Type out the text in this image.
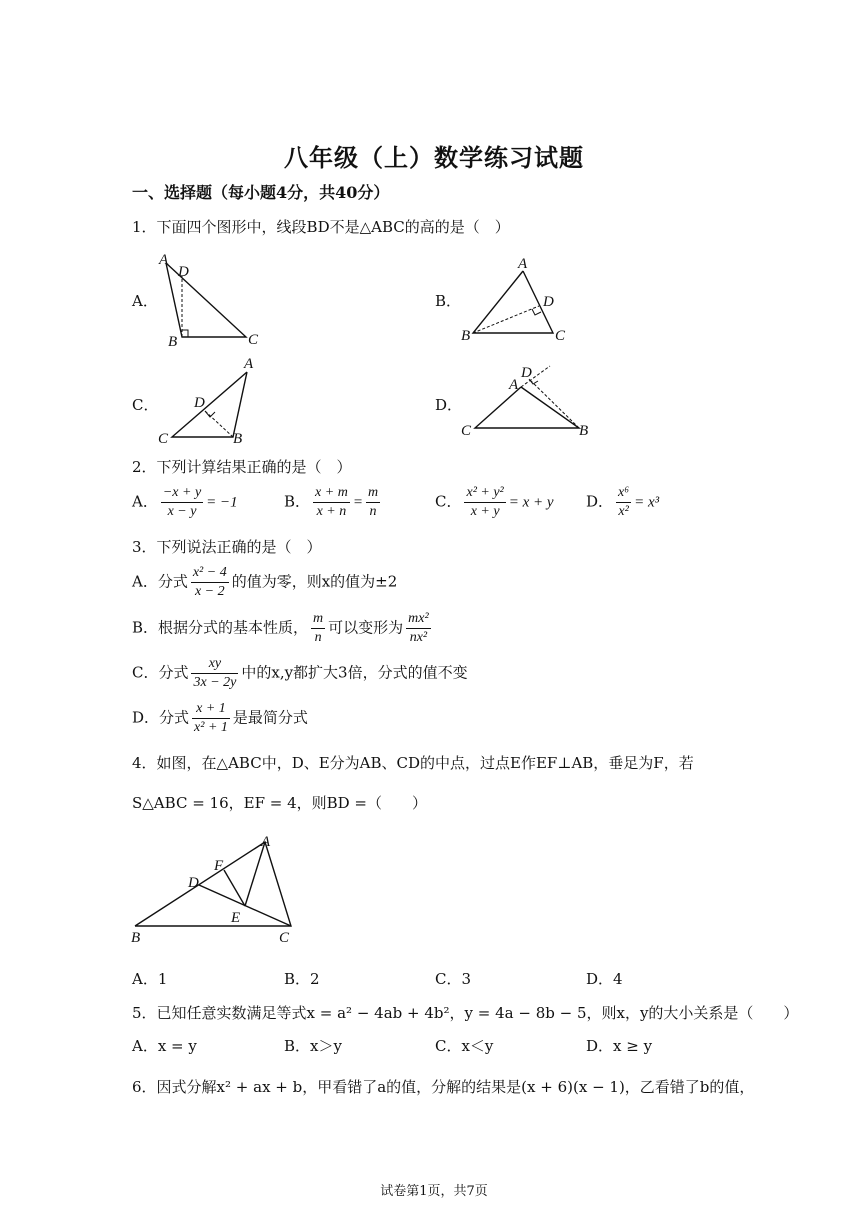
八年级（上）数学练习试题
一、选择题（每小题4分，共40分）
1．下面四个图形中，线段BD不是△ABC的高的是（　）
A．	B．
C．	D．
A
D
B	C
A
D
B	C
A
D
C	B
A
D
C	B
2．下列计算结果正确的是（　）
A． $\frac{-x + y}{x - y} = -1$	B． $\frac{x + m}{x + n} = \frac{m}{n}$	C． $\frac{\text{x² + y²}}{x + y} = x + y$ D． $\frac{\text{x⁶}}{\text{x²}} = x^3$
3．下列说法正确的是（　）
A．分式 $\frac{\text{x² − 4}}{x - 2}$ 的值为零，则x的值为±2
B．根据分式的基本性质， $\frac{m}{n}$ 可以变形为 $\frac{\text{mx²}}{\text{nx²}}$
C．分式 $\frac{xy}{3x - 2y}$ 中的x,y都扩大3倍，分式的值不变
D．分式 $\frac{x + 1}{\text{x² + 1}}$ 是最简分式
4．如图，在△ABC中，D、E分为AB、CD的中点，过点E作EF⊥AB，垂足为F，若
S△ABC = 16，EF = 4，则BD =（　　）
A
B	C
D
E
F
A．1	B．2	C．3	D．4
5．已知任意实数满足等式x = a² − 4ab + 4b²，y = 4a − 8b − 5，则x，y的大小关系是（　　）
A．x = y	B．x＞y	C．x＜y	D．x ≥ y
6．因式分解x² + ax + b，甲看错了a的值，分解的结果是(x + 6)(x − 1)，乙看错了b的值，
试卷第1页，共7页
